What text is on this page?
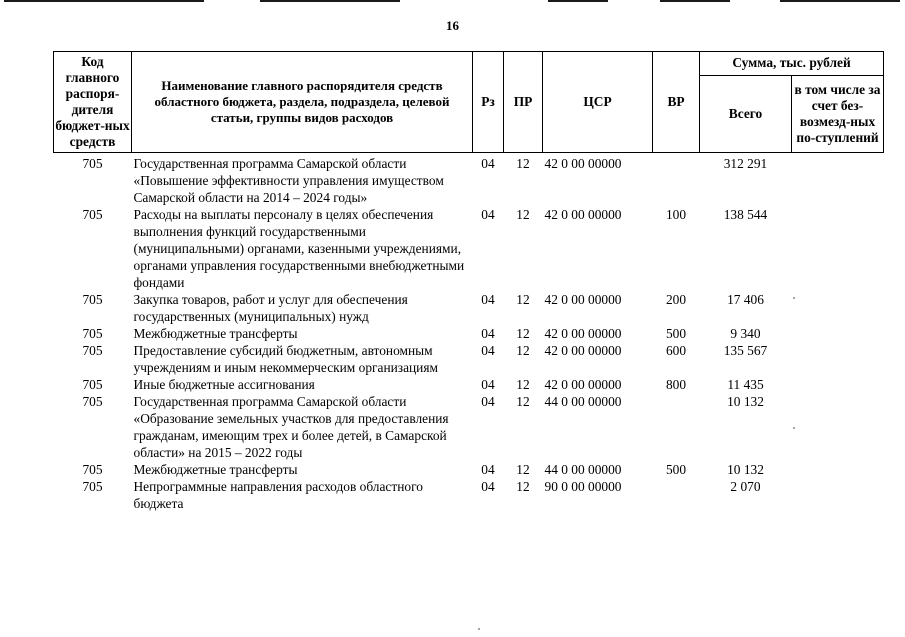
16
Код главного распоря-дителя бюджет-ных средств	Наименование главного распорядителя средств областного бюджета, раздела, подраздела, целевой статьи, группы видов расходов	Рз	ПР	ЦСР	ВР	Сумма, тыс. рублей	
						Всего	в том числе за счет без-возмезд-ных по-ступлений

705	Государственная программа Самарской области «Повышение эффективности управления имуществом Самарской области на 2014 – 2024 годы»	04	12	42 0 00 00000		312 291	
705	Расходы на выплаты персоналу в целях обеспечения выполнения функций государственными (муниципальными) органами, казенными учреждениями, органами управления государственными внебюджетными фондами	04	12	42 0 00 00000	100	138 544	
705	Закупка товаров, работ и услуг для обеспечения государственных (муниципальных) нужд	04	12	42 0 00 00000	200	17 406	
705	Межбюджетные трансферты	04	12	42 0 00 00000	500	9 340	
705	Предоставление субсидий бюджетным, автономным учреждениям и иным некоммерческим организациям	04	12	42 0 00 00000	600	135 567	
705	Иные бюджетные ассигнования	04	12	42 0 00 00000	800	11 435	
705	Государственная программа Самарской области «Образование земельных участков для предоставления гражданам, имеющим трех и более детей, в Самарской области» на 2015 – 2022 годы	04	12	44 0 00 00000		10 132	
705	Межбюджетные трансферты	04	12	44 0 00 00000	500	10 132	
705	Непрограммные направления расходов областного бюджета	04	12	90 0 00 00000		2 070	
